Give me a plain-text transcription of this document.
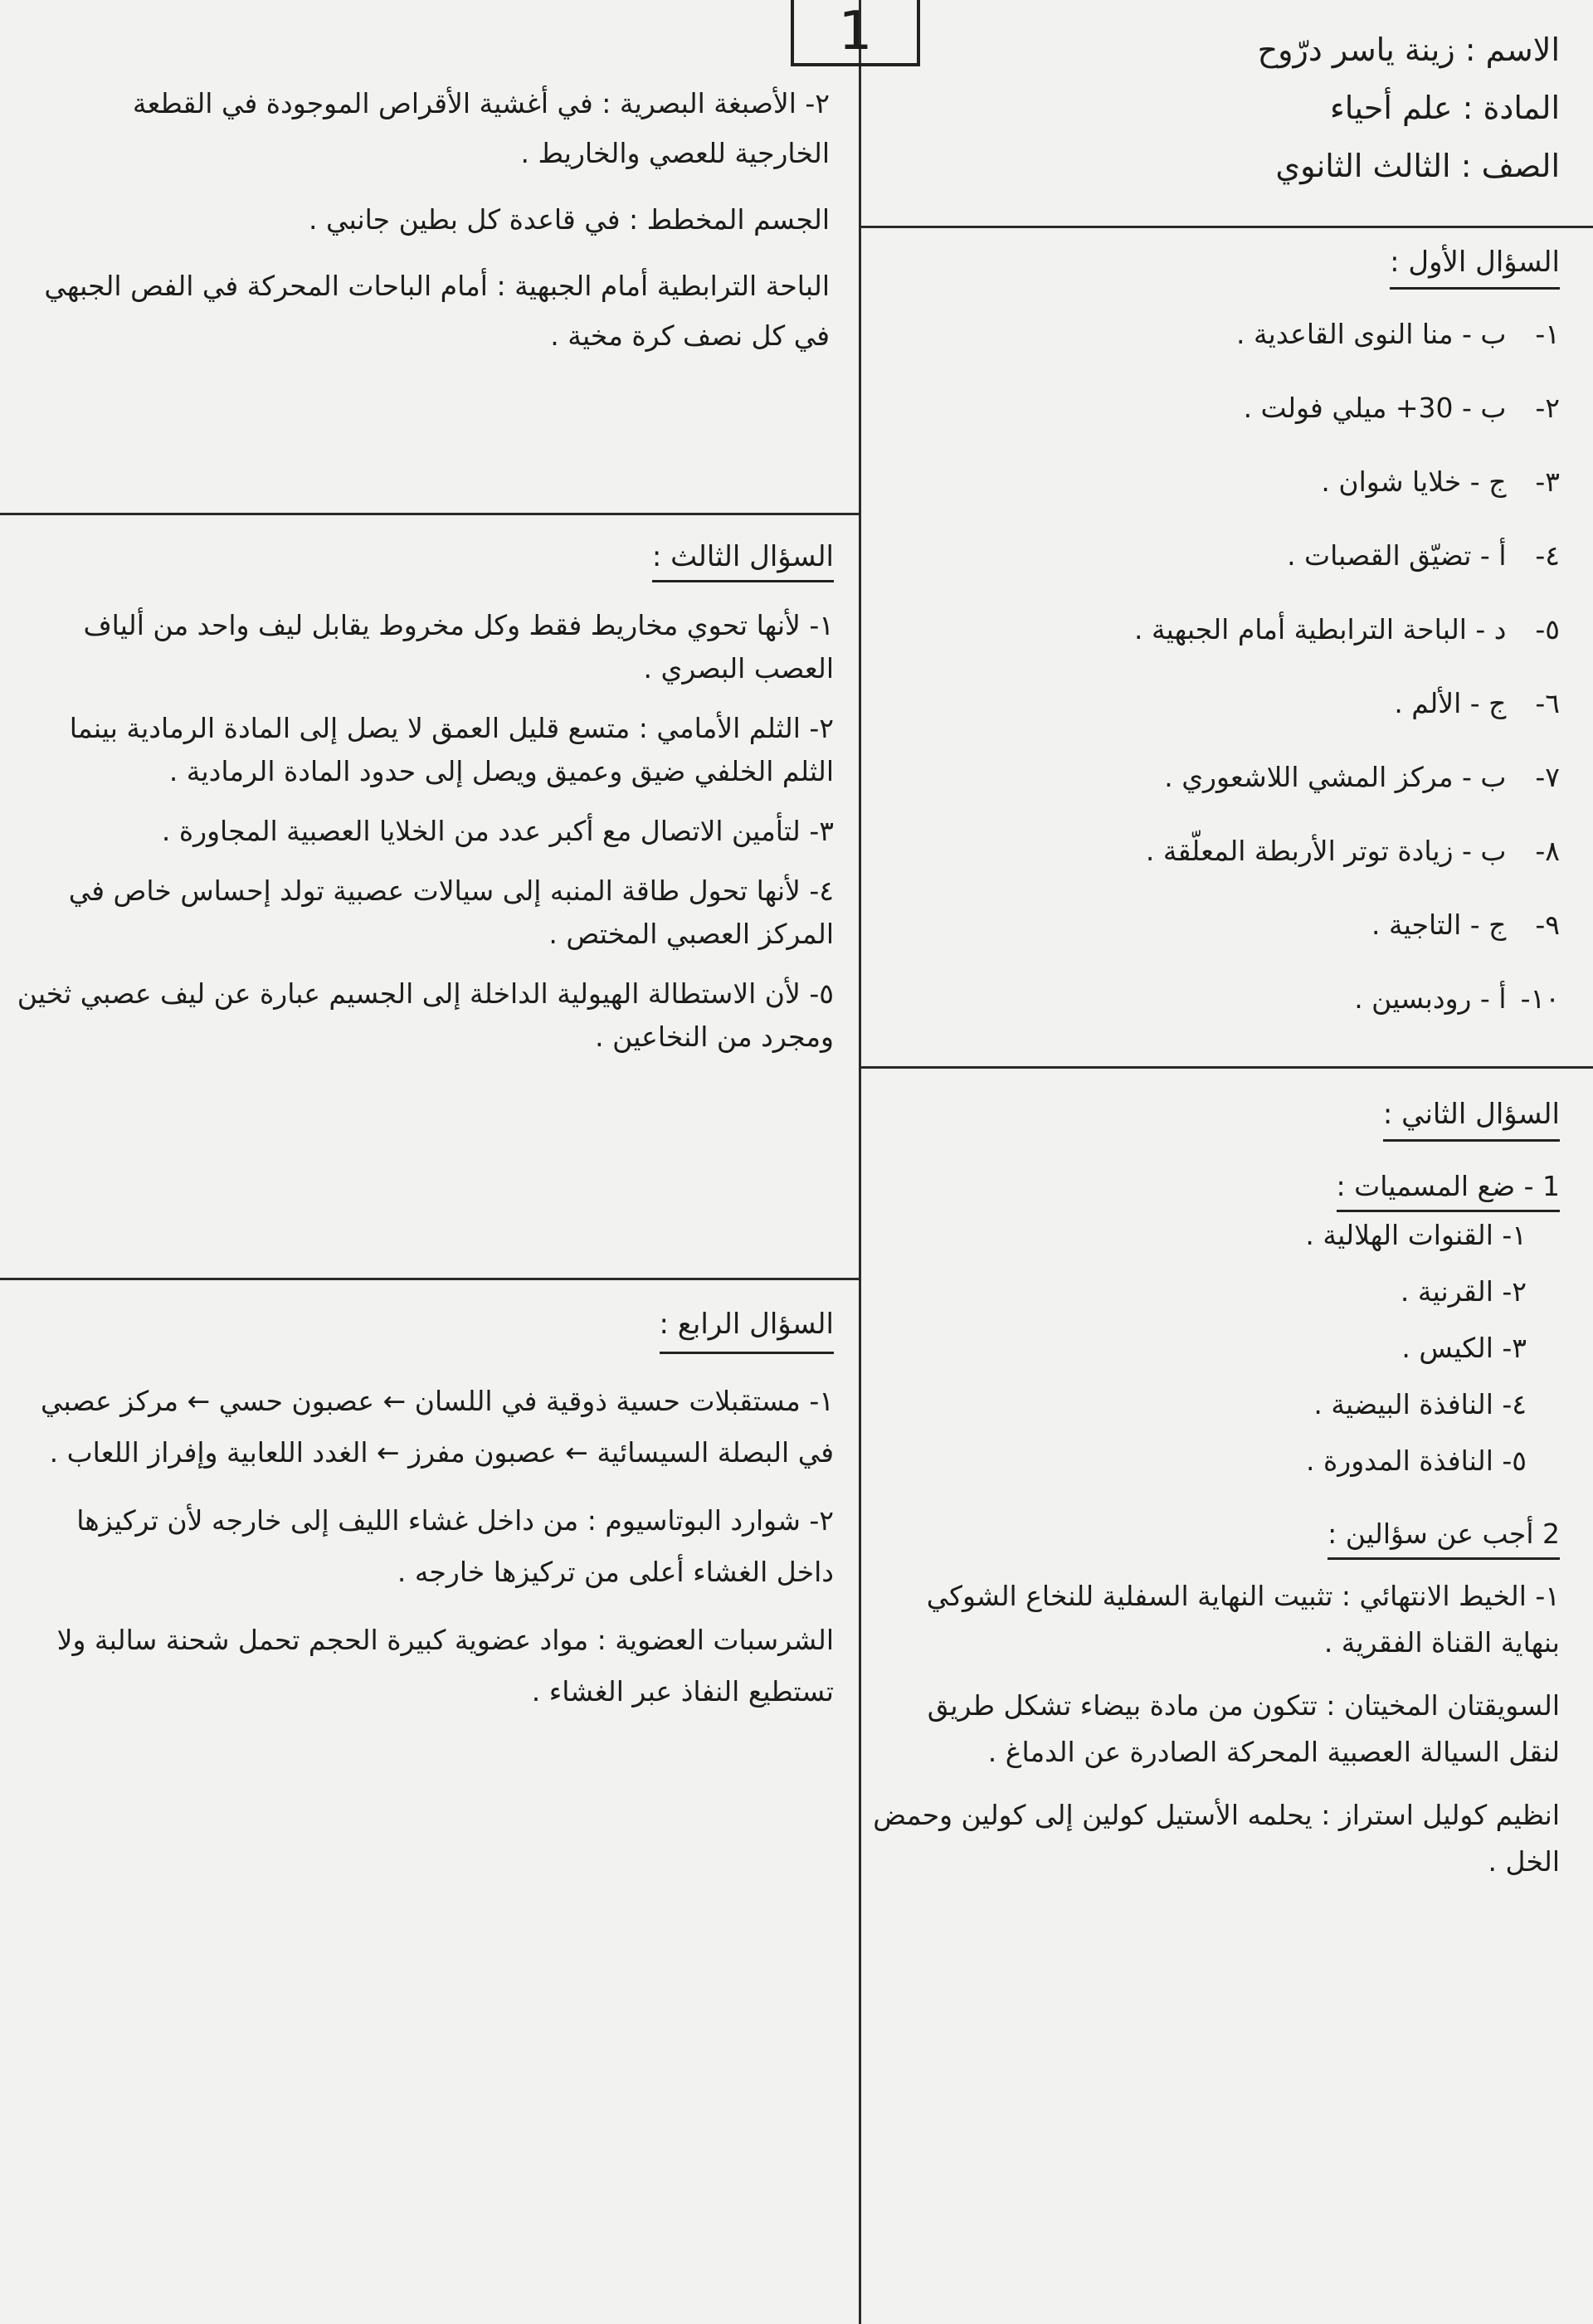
1	الاسم : زينة ياسر درّوح
المادة : علم أحياء
الصف : الثالث الثانوي
السؤال الأول :
١- ب - منا النوى القاعدية .
٢- ب - 30+ ميلي فولت .
٣- ج - خلايا شوان .
٤- أ - تضيّق القصبات .
٥- د - الباحة الترابطية أمام الجبهية .
٦- ج - الألم .
٧- ب - مركز المشي اللاشعوري .
٨- ب - زيادة توتر الأربطة المعلّقة .
٩- ج - التاجية .
١٠- أ - رودبسين .
السؤال الثاني :
1 - ضع المسميات :
١- القنوات الهلالية .
٢- القرنية .
٣- الكيس .
٤- النافذة البيضية .
٥- النافذة المدورة .
2 أجب عن سؤالين :

١- الخيط الانتهائي : تثبيت النهاية السفلية للنخاع الشوكي بنهاية القناة الفقرية .

السويقتان المخيتان : تتكون من مادة بيضاء تشكل طريق لنقل السيالة العصبية المحركة الصادرة عن الدماغ .

انظيم كوليل استراز : يحلمه الأستيل كولين إلى كولين وحمض الخل .

٢- الأصبغة البصرية : في أغشية الأقراص الموجودة في القطعة الخارجية للعصي والخاريط .

الجسم المخطط : في قاعدة كل بطين جانبي .

الباحة الترابطية أمام الجبهية : أمام الباحات المحركة في الفص الجبهي في كل نصف كرة مخية .

السؤال الثالث :

١- لأنها تحوي مخاريط فقط وكل مخروط يقابل ليف واحد من ألياف العصب البصري .

٢- الثلم الأمامي : متسع قليل العمق لا يصل إلى المادة الرمادية بينما الثلم الخلفي ضيق وعميق ويصل إلى حدود المادة الرمادية .

٣- لتأمين الاتصال مع أكبر عدد من الخلايا العصبية المجاورة .

٤- لأنها تحول طاقة المنبه إلى سيالات عصبية تولد إحساس خاص في المركز العصبي المختص .

٥- لأن الاستطالة الهيولية الداخلة إلى الجسيم عبارة عن ليف عصبي ثخين ومجرد من النخاعين .

السؤال الرابع :

١- مستقبلات حسية ذوقية في اللسان ← عصبون حسي ← مركز عصبي في البصلة السيسائية ← عصبون مفرز ← الغدد اللعابية وإفراز اللعاب .

٢- شوارد البوتاسيوم : من داخل غشاء الليف إلى خارجه لأن تركيزها داخل الغشاء أعلى من تركيزها خارجه .

الشرسبات العضوية : مواد عضوية كبيرة الحجم تحمل شحنة سالبة ولا تستطيع النفاذ عبر الغشاء .
